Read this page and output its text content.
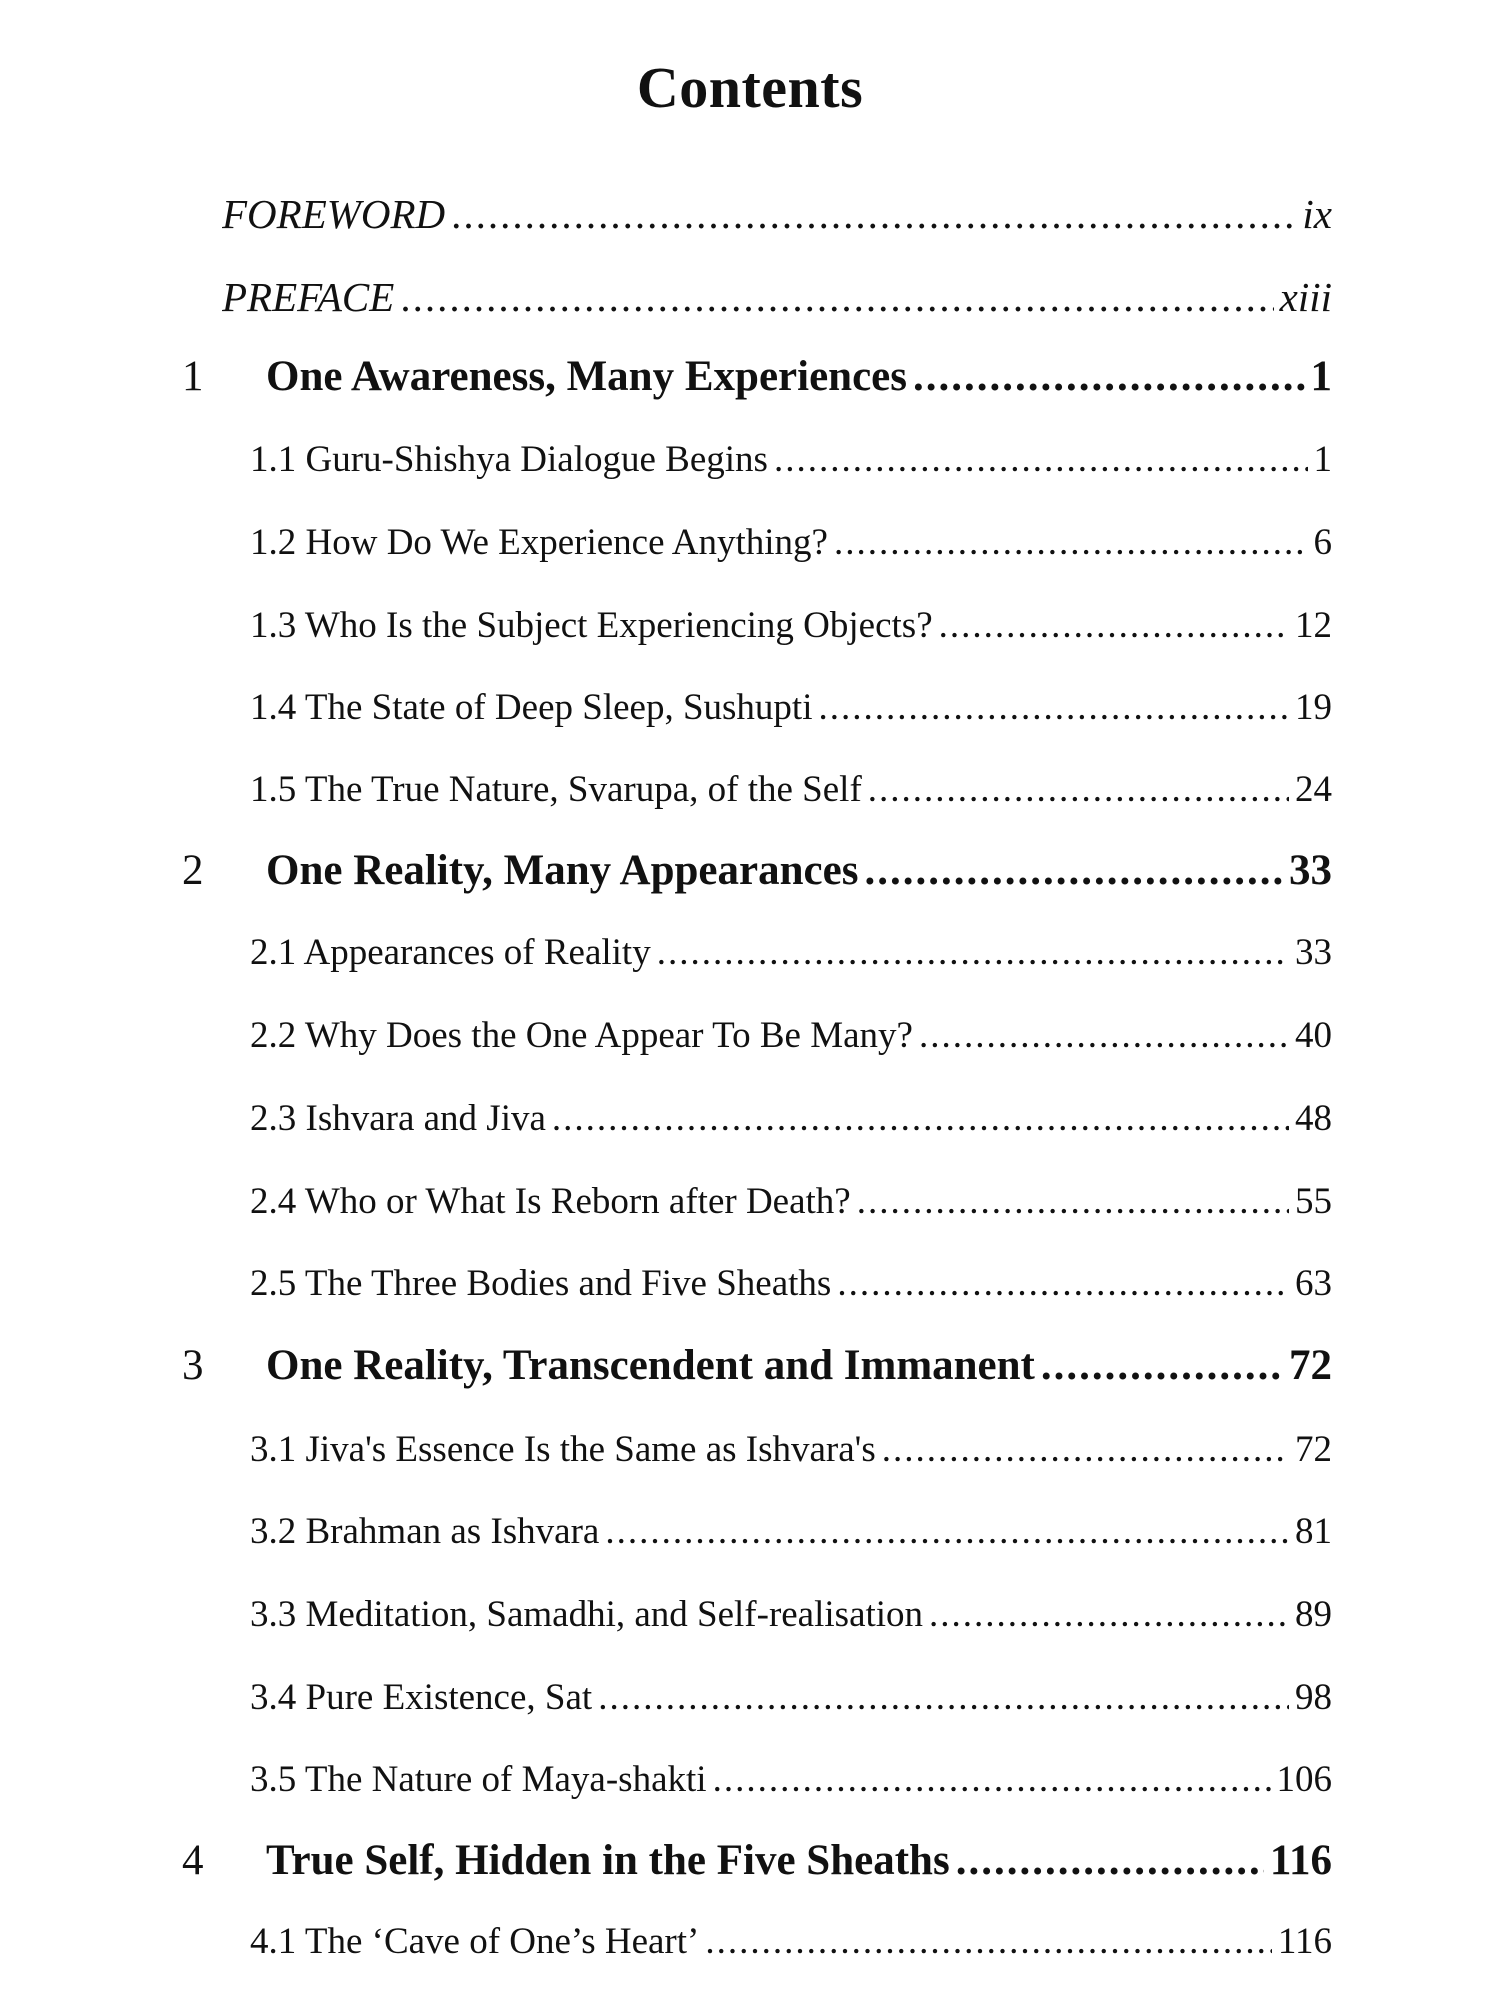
Contents
FOREWORD .....	ix
PREFACE .....	xiii
1	One Awareness, Many Experiences .....	1
1.1 Guru-Shishya Dialogue Begins .....	1
1.2 How Do We Experience Anything? .....	6
1.3 Who Is the Subject Experiencing Objects? .....	12
1.4 The State of Deep Sleep, Sushupti .....	19
1.5 The True Nature, Svarupa, of the Self .....	24
2	One Reality, Many Appearances .....	33
2.1 Appearances of Reality .....	33
2.2 Why Does the One Appear To Be Many? .....	40
2.3 Ishvara and Jiva .....	48
2.4 Who or What Is Reborn after Death? .....	55
2.5 The Three Bodies and Five Sheaths .....	63
3	One Reality, Transcendent and Immanent .....	72
3.1 Jiva's Essence Is the Same as Ishvara's .....	72
3.2 Brahman as Ishvara .....	81
3.3 Meditation, Samadhi, and Self-realisation .....	89
3.4 Pure Existence, Sat .....	98
3.5 The Nature of Maya-shakti .....	106
4	True Self, Hidden in the Five Sheaths .....	116
4.1 The ‘Cave of One’s Heart’ .....	116
